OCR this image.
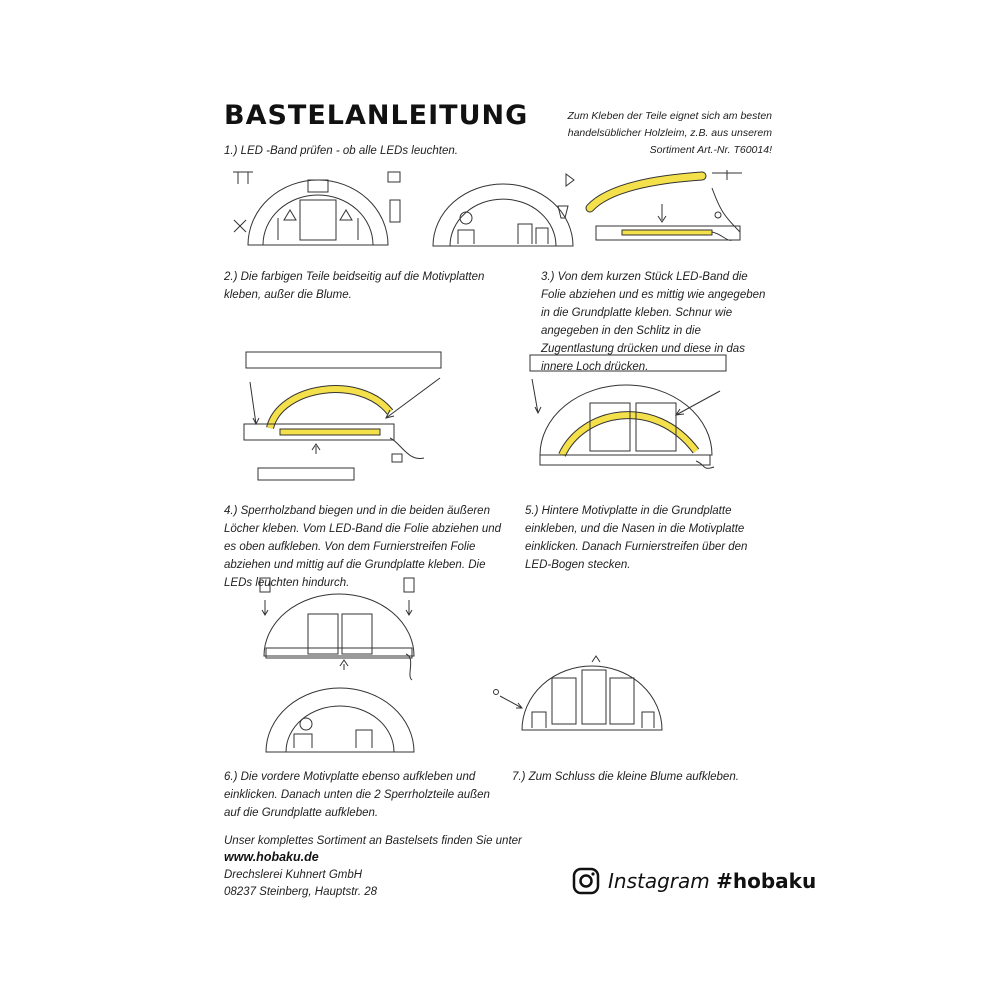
BASTELANLEITUNG	Zum Kleben der Teile eignet sich am besten handelsüblicher Holzleim, z.B. aus unserem Sortiment Art.-Nr. T60014!
1.) LED -Band prüfen - ob alle LEDs leuchten.
2.) Die farbigen Teile beidseitig auf die Motivplatten kleben, außer die Blume.
3.) Von dem kurzen Stück LED-Band die Folie abziehen und es mittig wie angegeben in die Grundplatte kleben. Schnur wie angegeben in den Schlitz in die Zugentlastung drücken und diese in das innere Loch drücken.
4.) Sperrholzband biegen und in die beiden äußeren Löcher kleben. Vom LED-Band die Folie abziehen und es oben aufkleben. Von dem Furnierstreifen Folie abziehen und mittig auf die Grundplatte kleben. Die LEDs leuchten hindurch.
5.) Hintere Motivplatte in die Grundplatte einkleben, und die Nasen in die Motivplatte einklicken. Danach Furnierstreifen über den LED-Bogen stecken.
6.) Die vordere Motivplatte ebenso aufkleben und einklicken. Danach unten die 2 Sperrholzteile außen auf die Grundplatte aufkleben.
7.) Zum Schluss die kleine Blume aufkleben.
Unser komplettes Sortiment an Bastelsets finden Sie unter
www.hobaku.de
Drechslerei Kuhnert GmbH
08237 Steinberg, Hauptstr. 28	Instagram #hobaku
